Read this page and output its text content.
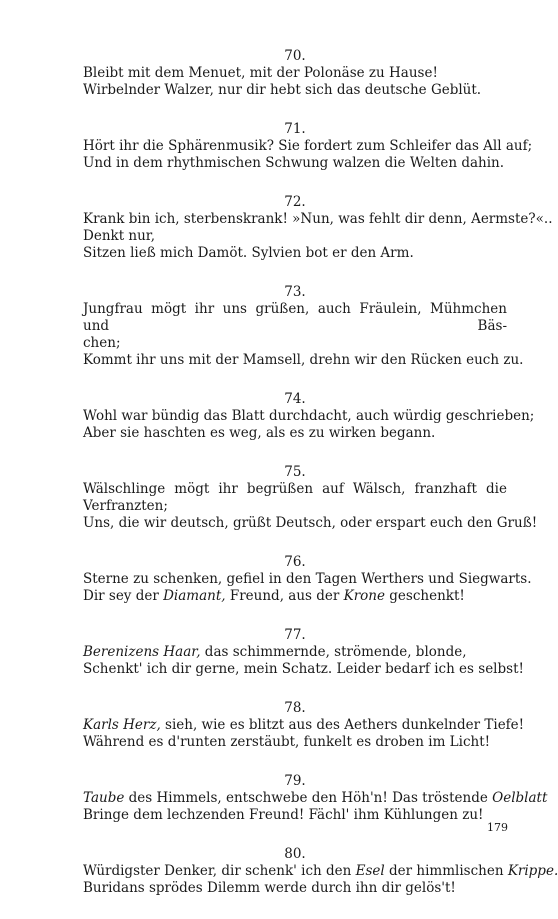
70.

Bleibt mit dem Menuet, mit der Polonäse zu Hause!

Wirbelnder Walzer, nur dir hebt sich das deutsche Geblüt.

71.

Hört ihr die Sphärenmusik? Sie fordert zum Schleifer das All auf;

Und in dem rhythmischen Schwung walzen die Welten dahin.

72.

Krank bin ich, sterbenskrank! »Nun, was fehlt dir denn, Aermste?«..

Denkt nur,

Sitzen ließ mich Damöt. Sylvien bot er den Arm.

73.

Jungfrau mögt ihr uns grüßen, auch Fräulein, Mühmchen und Bäs-

chen;

Kommt ihr uns mit der Mamsell, drehn wir den Rücken euch zu.

74.

Wohl war bündig das Blatt durchdacht, auch würdig geschrieben;

Aber sie haschten es weg, als es zu wirken begann.

75.

Wälschlinge mögt ihr begrüßen auf Wälsch, franzhaft die Verfranzten;

Uns, die wir deutsch, grüßt Deutsch, oder erspart euch den Gruß!

76.

Sterne zu schenken, gefiel in den Tagen Werthers und Siegwarts.

Dir sey der Diamant, Freund, aus der Krone geschenkt!

77.

Berenizens Haar, das schimmernde, strömende, blonde,

Schenkt' ich dir gerne, mein Schatz. Leider bedarf ich es selbst!

78.

Karls Herz, sieh, wie es blitzt aus des Aethers dunkelnder Tiefe!

Während es d'runten zerstäubt, funkelt es droben im Licht!

79.

Taube des Himmels, entschwebe den Höh'n! Das tröstende Oelblatt

Bringe dem lechzenden Freund! Fächl' ihm Kühlungen zu!

80.

Würdigster Denker, dir schenk' ich den Esel der himmlischen Krippe.

Buridans sprödes Dilemm werde durch ihn dir gelös't!

179
